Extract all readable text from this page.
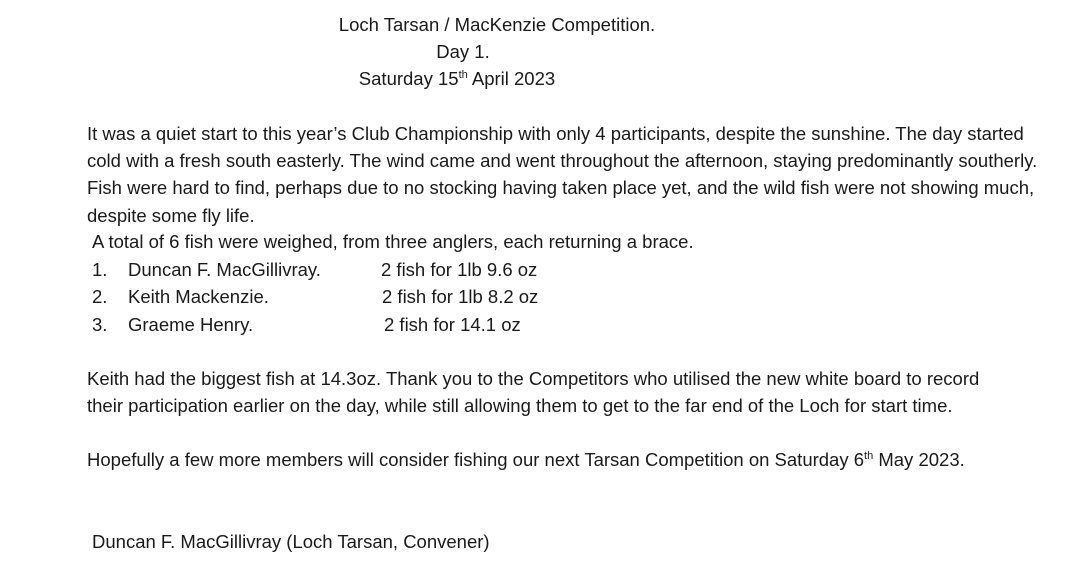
Loch Tarsan / MacKenzie Competition.
Day 1.
Saturday 15th April 2023
It was a quiet start to this year’s Club Championship with only 4 participants, despite the sunshine. The day started cold with a fresh south easterly. The wind came and went throughout the afternoon, staying predominantly southerly. Fish were hard to find, perhaps due to no stocking having taken place yet, and the wild fish were not showing much, despite some fly life.
A total of 6 fish were weighed, from three anglers, each returning a brace.
1. Duncan F. MacGillivray.	2 fish for 1lb 9.6 oz
2. Keith Mackenzie.	2 fish for 1lb 8.2 oz
3. Graeme Henry.	2 fish for 14.1 oz
Keith had the biggest fish at 14.3oz. Thank you to the Competitors who utilised the new white board to record their participation earlier on the day, while still allowing them to get to the far end of the Loch for start time.
Hopefully a few more members will consider fishing our next Tarsan Competition on Saturday 6th May 2023.
Duncan F. MacGillivray (Loch Tarsan, Convener)
